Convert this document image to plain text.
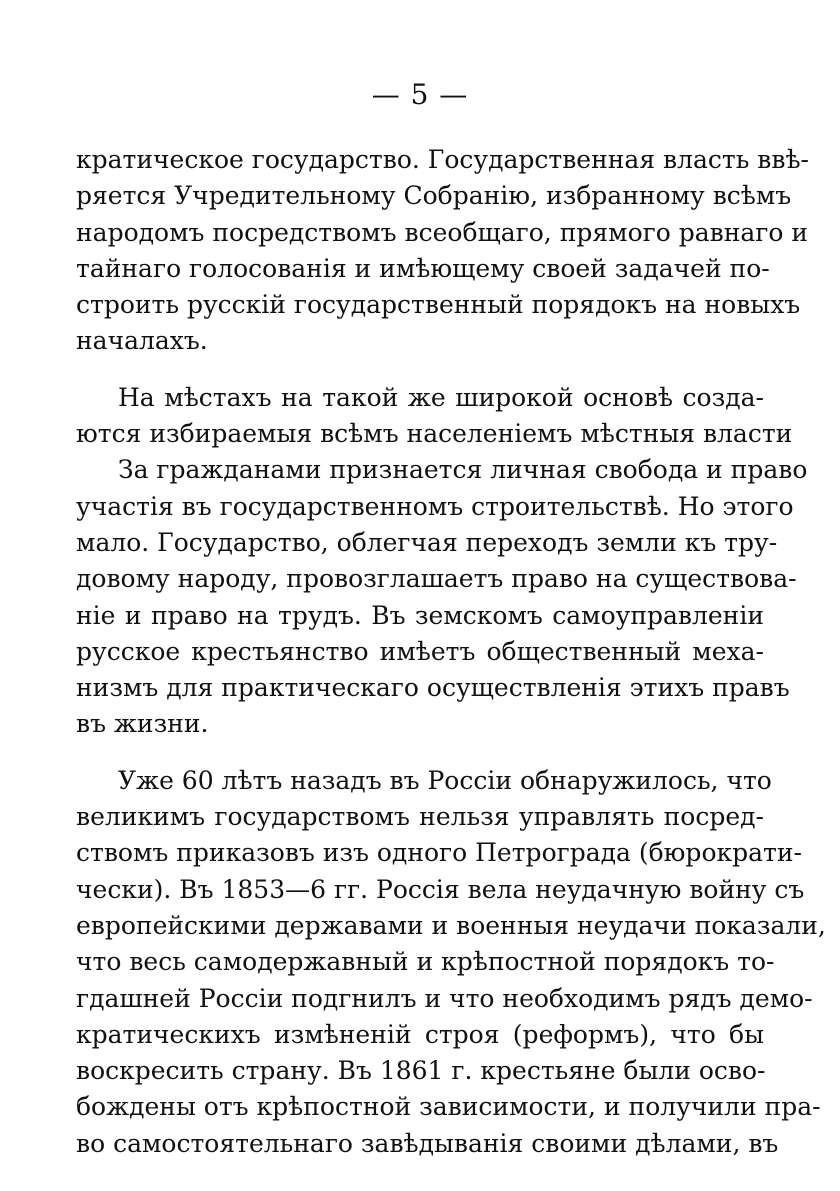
— 5 —
кратическое государство. Государственная власть ввѣ-
ряется Учредительному Собранію, избранному всѣмъ
народомъ посредствомъ всеобщаго, прямого равнаго и
тайнаго голосованія и имѣющему своей задачей по-
строить русскій государственный порядокъ на новыхъ
началахъ.
На мѣстахъ на такой же широкой основѣ созда-
ются избираемыя всѣмъ населеніемъ мѣстныя власти
За гражданами признается личная свобода и право
участія въ государственномъ строительствѣ. Но этого
мало. Государство, облегчая переходъ земли къ тру-
довому народу, провозглашаетъ право на существова-
ніе и право на трудъ. Въ земскомъ самоуправленіи
русское крестьянство имѣетъ общественный меха-
низмъ для практическаго осуществленія этихъ правъ
въ жизни.
Уже 60 лѣтъ назадъ въ Россіи обнаружилось, что
великимъ государствомъ нельзя управлять посред-
ствомъ приказовъ изъ одного Петрограда (бюрократи-
чески). Въ 1853—6 гг. Россія вела неудачную войну съ
европейскими державами и военныя неудачи показали,
что весь самодержавный и крѣпостной порядокъ то-
гдашней Россіи подгнилъ и что необходимъ рядъ демо-
кратическихъ измѣненій строя (реформъ), что бы
воскресить страну. Въ 1861 г. крестьяне были осво-
бождены отъ крѣпостной зависимости, и получили пра-
во самостоятельнаго завѣдыванія своими дѣлами, въ
